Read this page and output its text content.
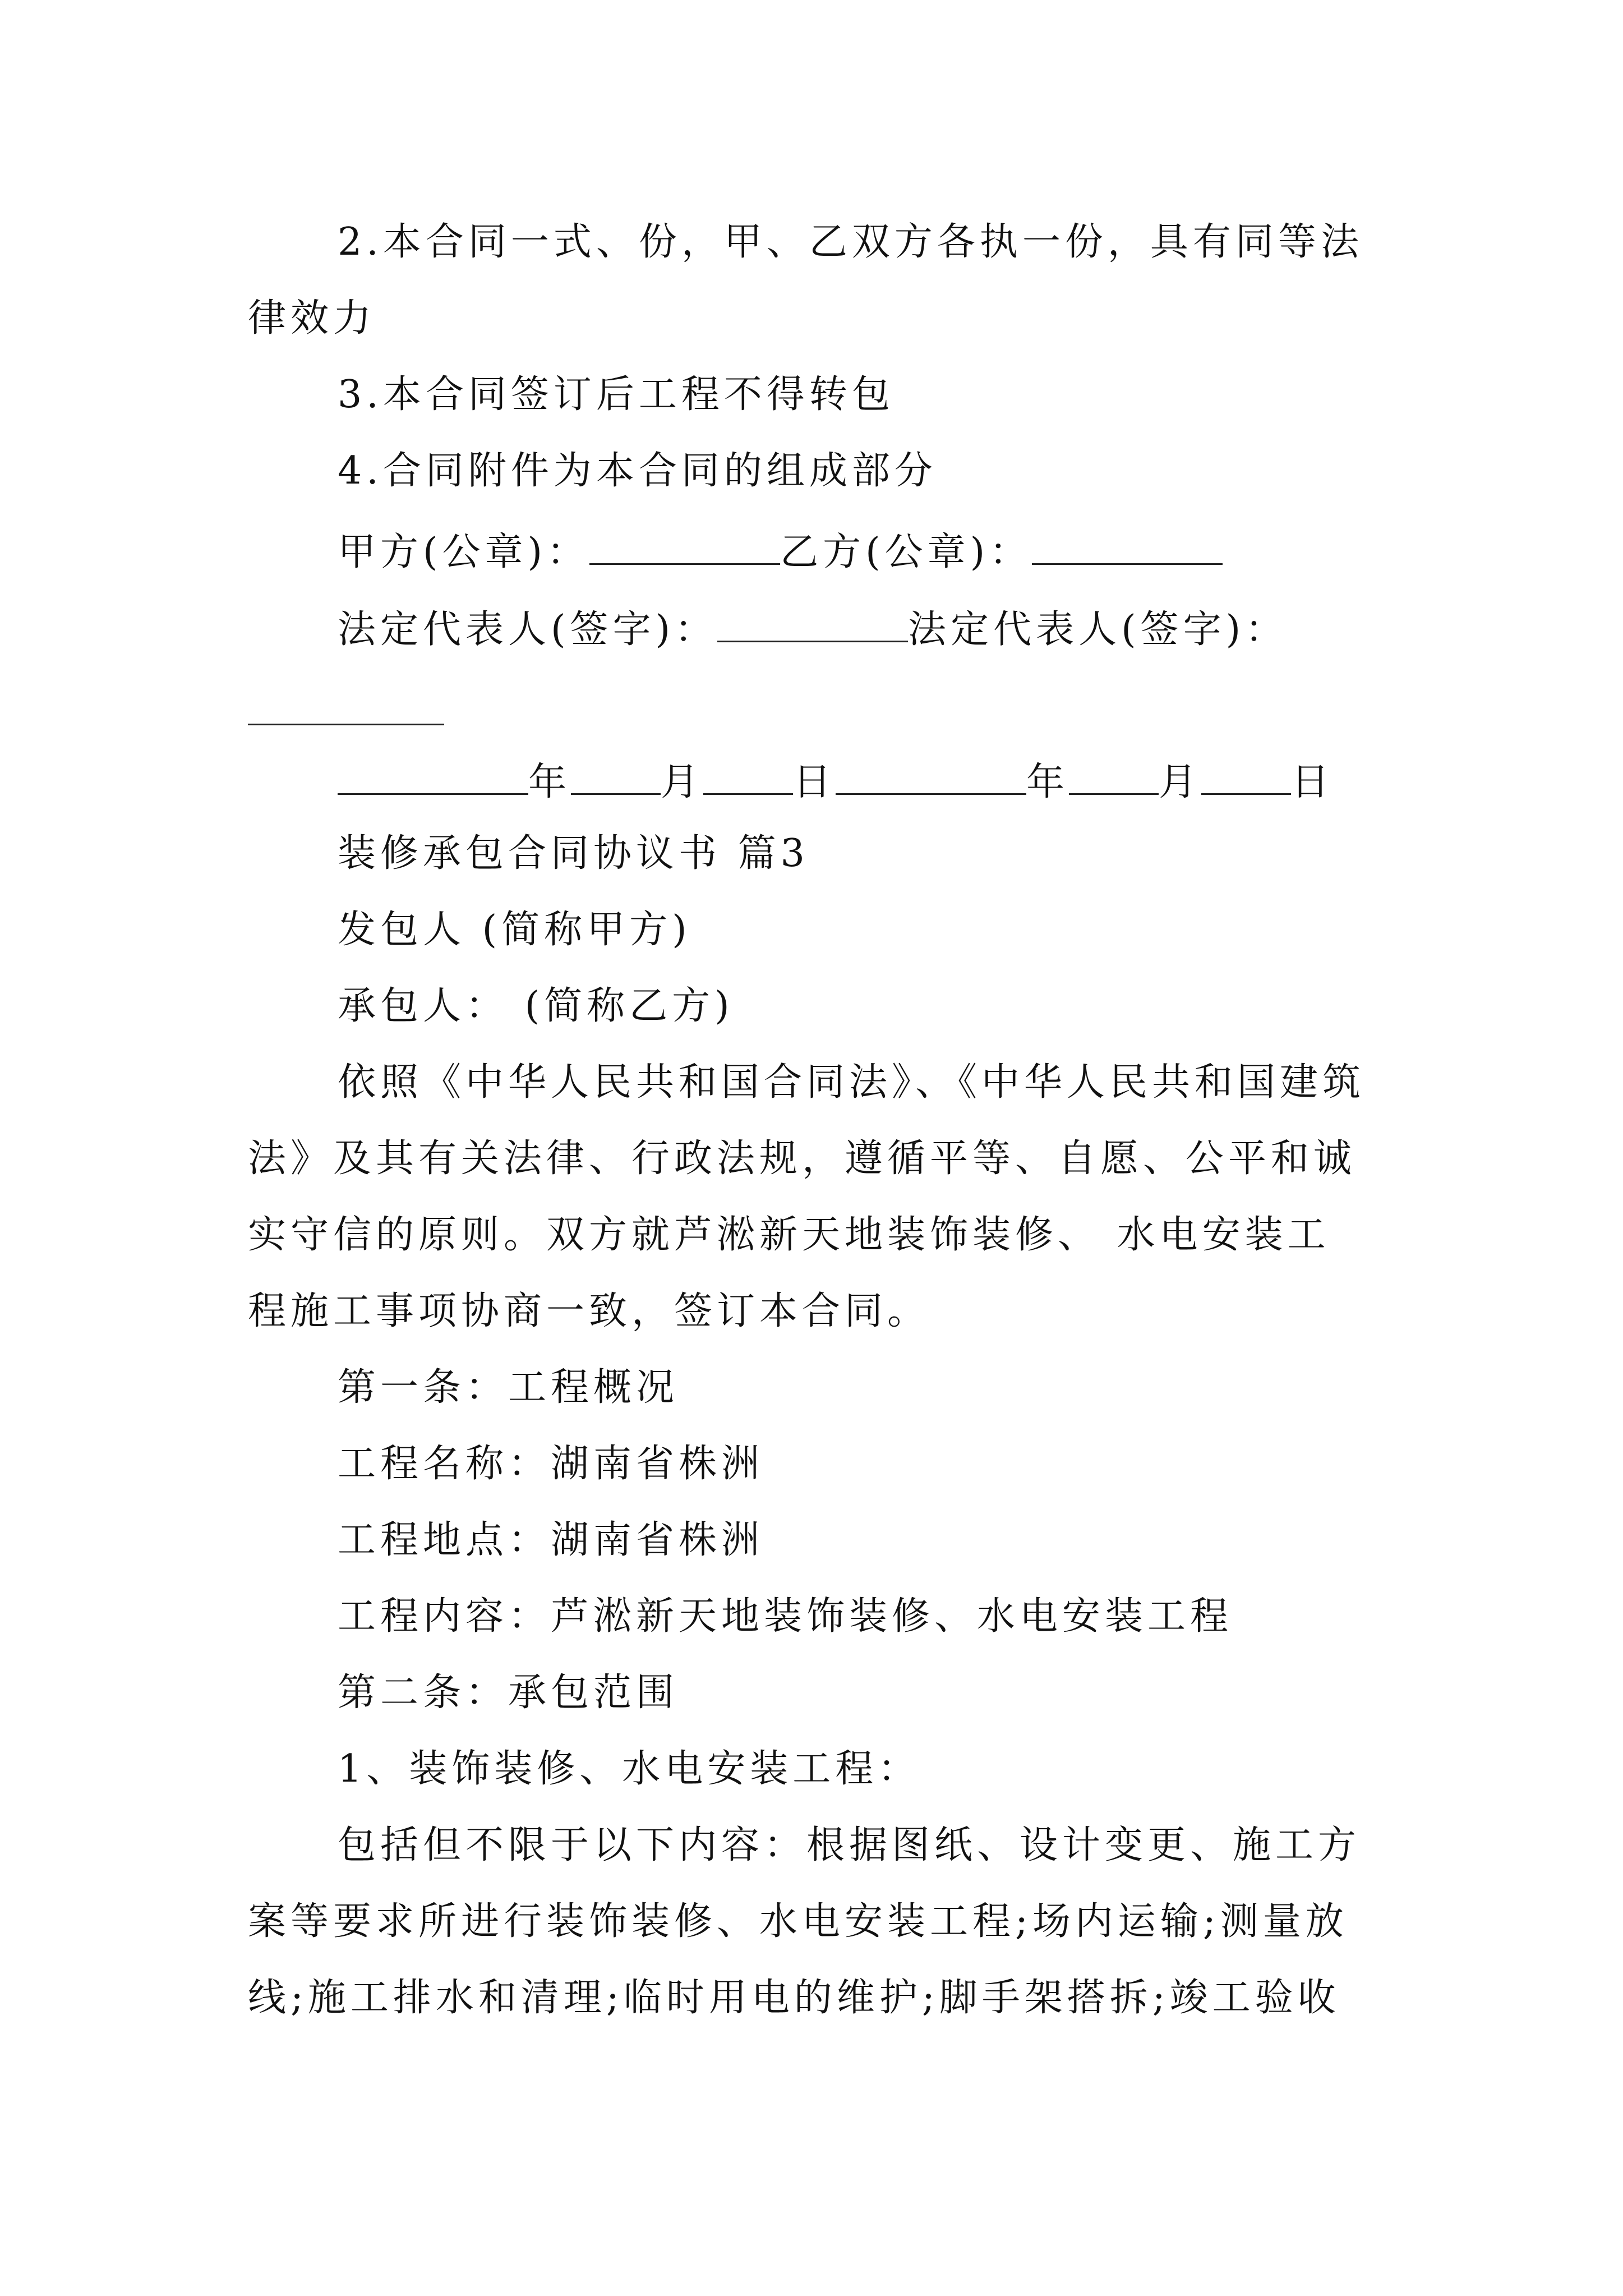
2.本合同一式、份，甲、乙双方各执一份，具有同等法
律效力
3.本合同签订后工程不得转包
4.合同附件为本合同的组成部分
甲方(公章)：	乙方(公章)：
法定代表人(签字)：	法定代表人(签字)：
年 月 日	年 月 日
装修承包合同协议书 篇3
发包人 (简称甲方)
承包人： (简称乙方)
依照《中华人民共和国合同法》、《中华人民共和国建筑
法》及其有关法律、行政法规，遵循平等、自愿、公平和诚
实守信的原则。双方就芦淞新天地装饰装修、 水电安装工
程施工事项协商一致，签订本合同。
第一条：工程概况
工程名称：湖南省株洲
工程地点：湖南省株洲
工程内容：芦淞新天地装饰装修、水电安装工程
第二条：承包范围
1、装饰装修、水电安装工程：
包括但不限于以下内容：根据图纸、设计变更、施工方
案等要求所进行装饰装修、水电安装工程;场内运输;测量放
线;施工排水和清理;临时用电的维护;脚手架搭拆;竣工验收
